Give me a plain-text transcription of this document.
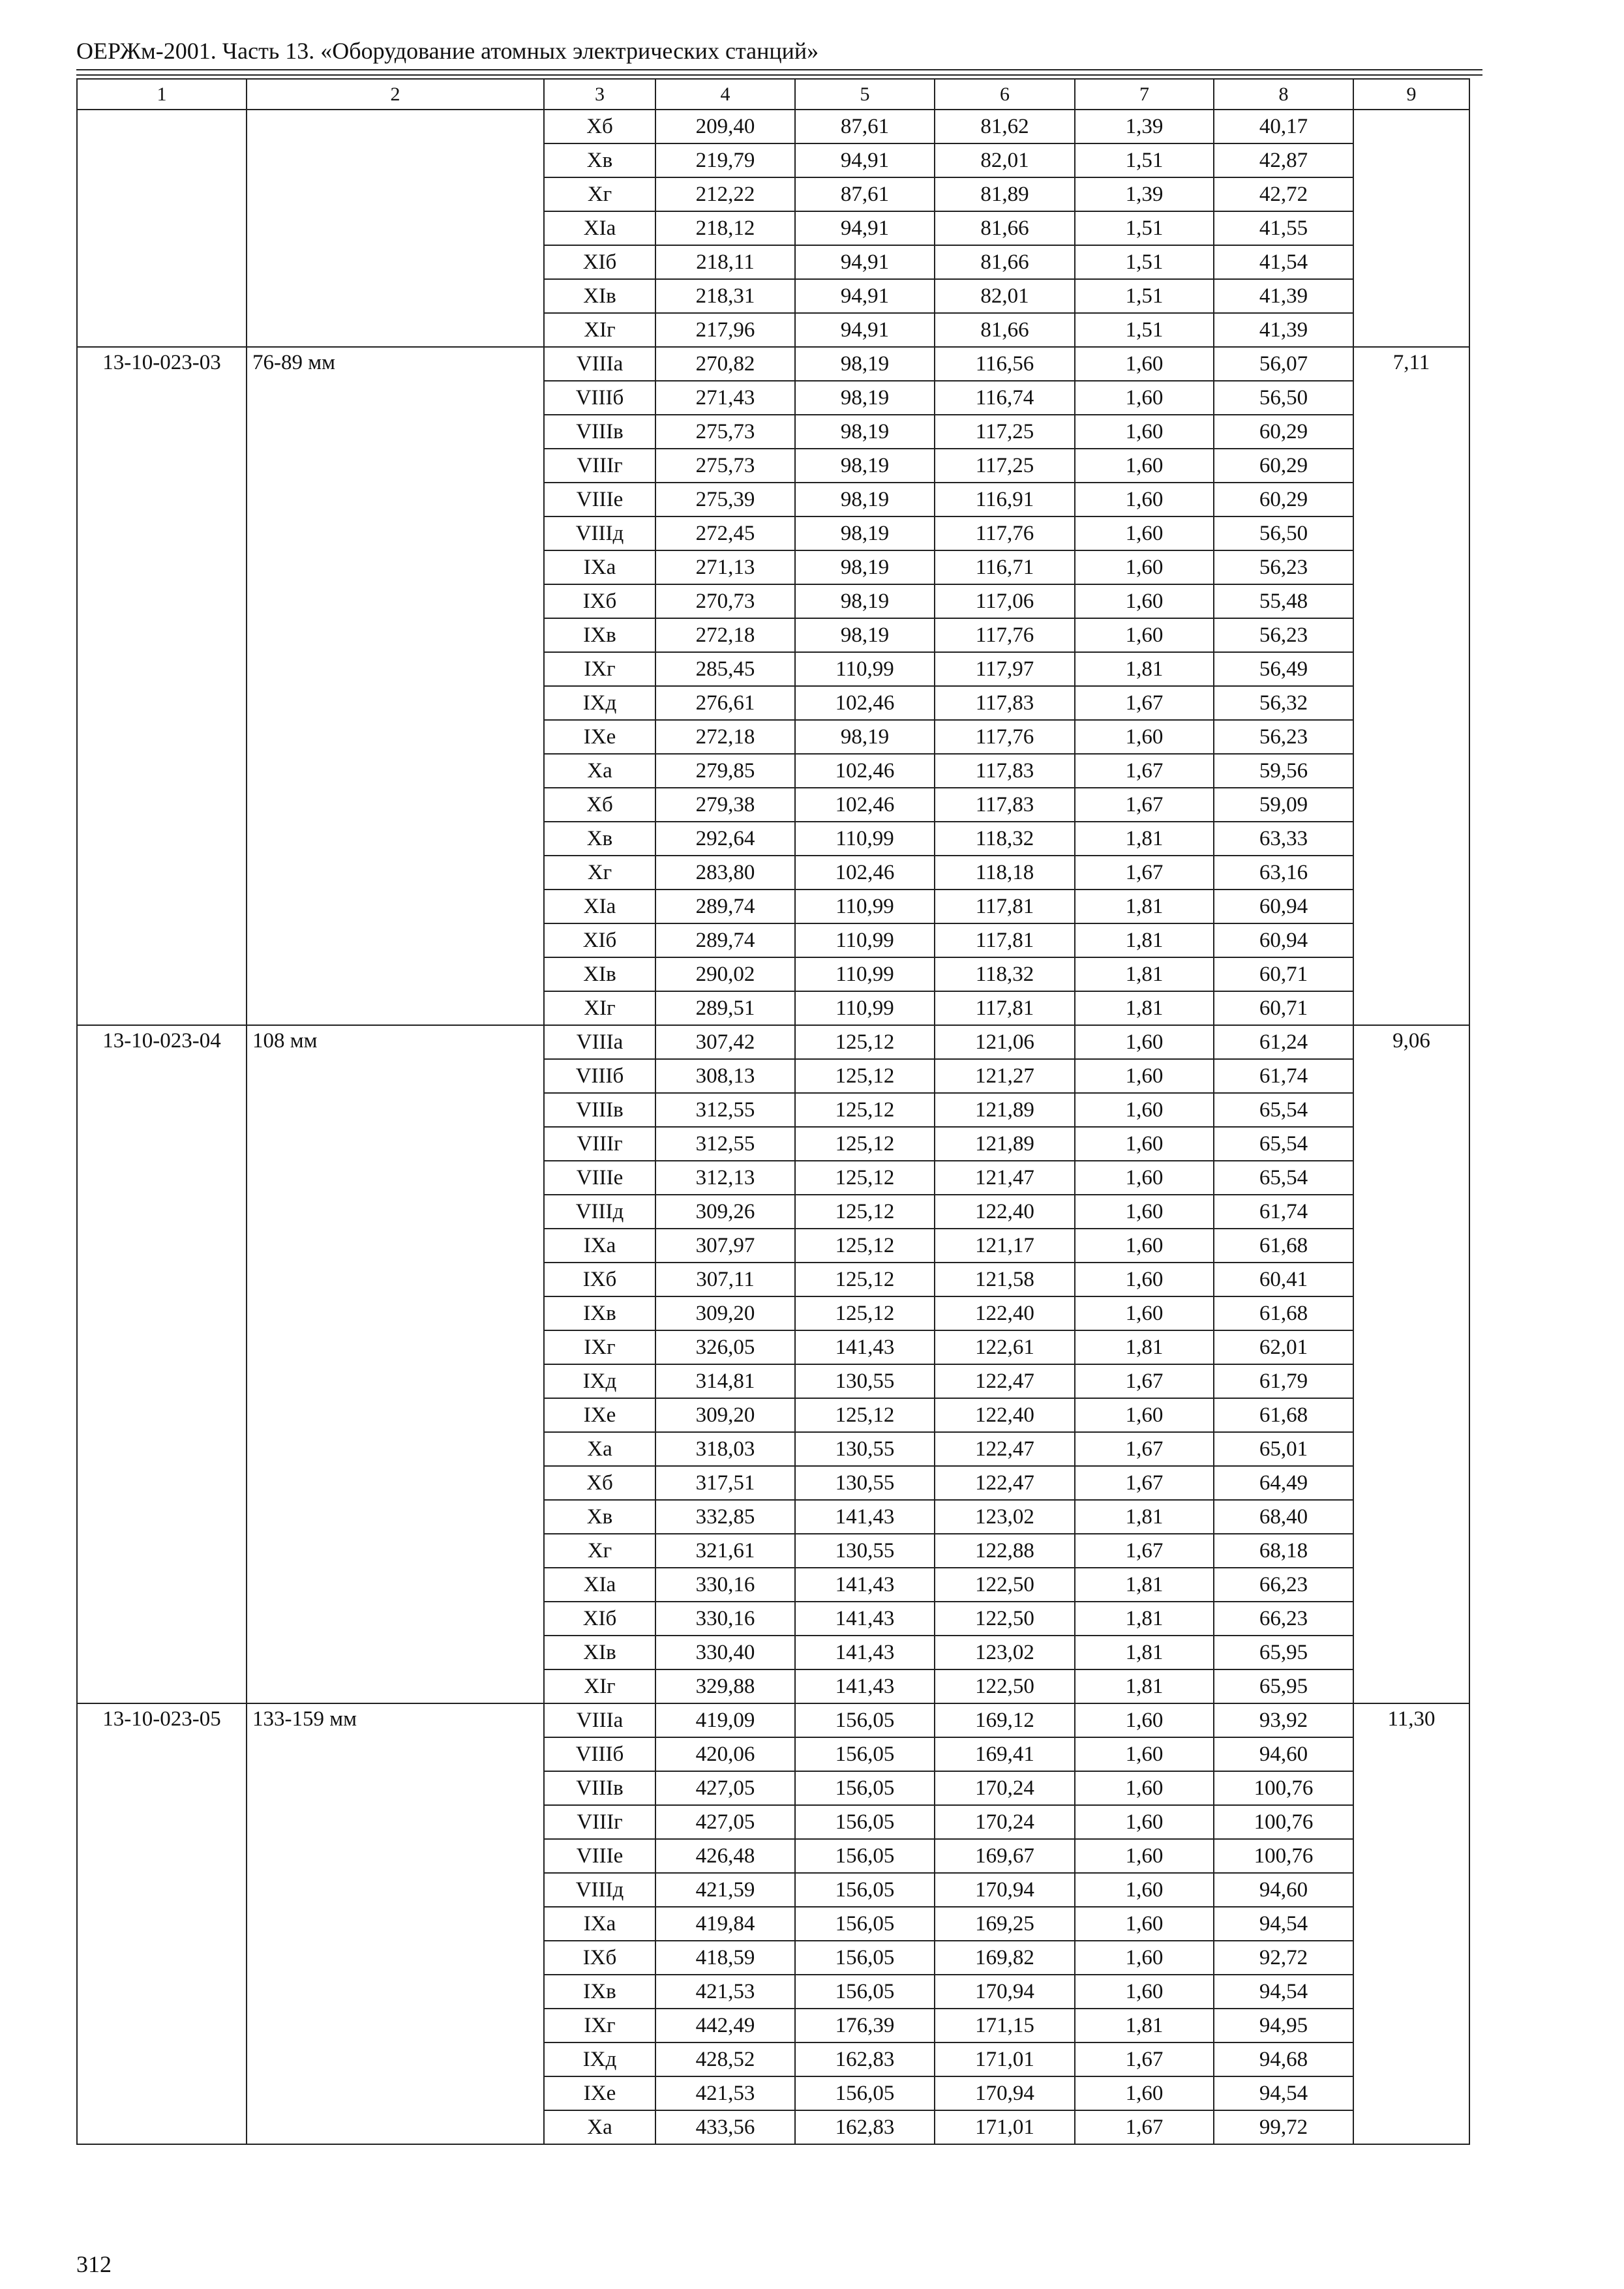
ОЕРЖм-2001. Часть 13. «Оборудование атомных электрических станций»
1	2	3	4	5	6	7	8	9
		Хб	209,40	87,61	81,62	1,39	40,17	
		Хв	219,79	94,91	82,01	1,51	42,87	
		Хг	212,22	87,61	81,89	1,39	42,72	
		ХIа	218,12	94,91	81,66	1,51	41,55	
		ХIб	218,11	94,91	81,66	1,51	41,54	
		ХIв	218,31	94,91	82,01	1,51	41,39	
		ХIг	217,96	94,91	81,66	1,51	41,39	
13-10-023-03	76-89 мм	VIIIа	270,82	98,19	116,56	1,60	56,07	7,11
		VIIIб	271,43	98,19	116,74	1,60	56,50	
		VIIIв	275,73	98,19	117,25	1,60	60,29	
		VIIIг	275,73	98,19	117,25	1,60	60,29	
		VIIIе	275,39	98,19	116,91	1,60	60,29	
		VIIIд	272,45	98,19	117,76	1,60	56,50	
		IХа	271,13	98,19	116,71	1,60	56,23	
		IХб	270,73	98,19	117,06	1,60	55,48	
		IХв	272,18	98,19	117,76	1,60	56,23	
		IХг	285,45	110,99	117,97	1,81	56,49	
		IХд	276,61	102,46	117,83	1,67	56,32	
		IХе	272,18	98,19	117,76	1,60	56,23	
		Ха	279,85	102,46	117,83	1,67	59,56	
		Хб	279,38	102,46	117,83	1,67	59,09	
		Хв	292,64	110,99	118,32	1,81	63,33	
		Хг	283,80	102,46	118,18	1,67	63,16	
		ХIа	289,74	110,99	117,81	1,81	60,94	
		ХIб	289,74	110,99	117,81	1,81	60,94	
		ХIв	290,02	110,99	118,32	1,81	60,71	
		ХIг	289,51	110,99	117,81	1,81	60,71	
13-10-023-04	108 мм	VIIIа	307,42	125,12	121,06	1,60	61,24	9,06
		VIIIб	308,13	125,12	121,27	1,60	61,74	
		VIIIв	312,55	125,12	121,89	1,60	65,54	
		VIIIг	312,55	125,12	121,89	1,60	65,54	
		VIIIе	312,13	125,12	121,47	1,60	65,54	
		VIIIд	309,26	125,12	122,40	1,60	61,74	
		IХа	307,97	125,12	121,17	1,60	61,68	
		IХб	307,11	125,12	121,58	1,60	60,41	
		IХв	309,20	125,12	122,40	1,60	61,68	
		IХг	326,05	141,43	122,61	1,81	62,01	
		IХд	314,81	130,55	122,47	1,67	61,79	
		IХе	309,20	125,12	122,40	1,60	61,68	
		Ха	318,03	130,55	122,47	1,67	65,01	
		Хб	317,51	130,55	122,47	1,67	64,49	
		Хв	332,85	141,43	123,02	1,81	68,40	
		Хг	321,61	130,55	122,88	1,67	68,18	
		ХIа	330,16	141,43	122,50	1,81	66,23	
		ХIб	330,16	141,43	122,50	1,81	66,23	
		ХIв	330,40	141,43	123,02	1,81	65,95	
		ХIг	329,88	141,43	122,50	1,81	65,95	
13-10-023-05	133-159 мм	VIIIа	419,09	156,05	169,12	1,60	93,92	11,30
		VIIIб	420,06	156,05	169,41	1,60	94,60	
		VIIIв	427,05	156,05	170,24	1,60	100,76	
		VIIIг	427,05	156,05	170,24	1,60	100,76	
		VIIIе	426,48	156,05	169,67	1,60	100,76	
		VIIIд	421,59	156,05	170,94	1,60	94,60	
		IХа	419,84	156,05	169,25	1,60	94,54	
		IХб	418,59	156,05	169,82	1,60	92,72	
		IХв	421,53	156,05	170,94	1,60	94,54	
		IХг	442,49	176,39	171,15	1,81	94,95	
		IХд	428,52	162,83	171,01	1,67	94,68	
		IХе	421,53	156,05	170,94	1,60	94,54	
		Ха	433,56	162,83	171,01	1,67	99,72	
312
